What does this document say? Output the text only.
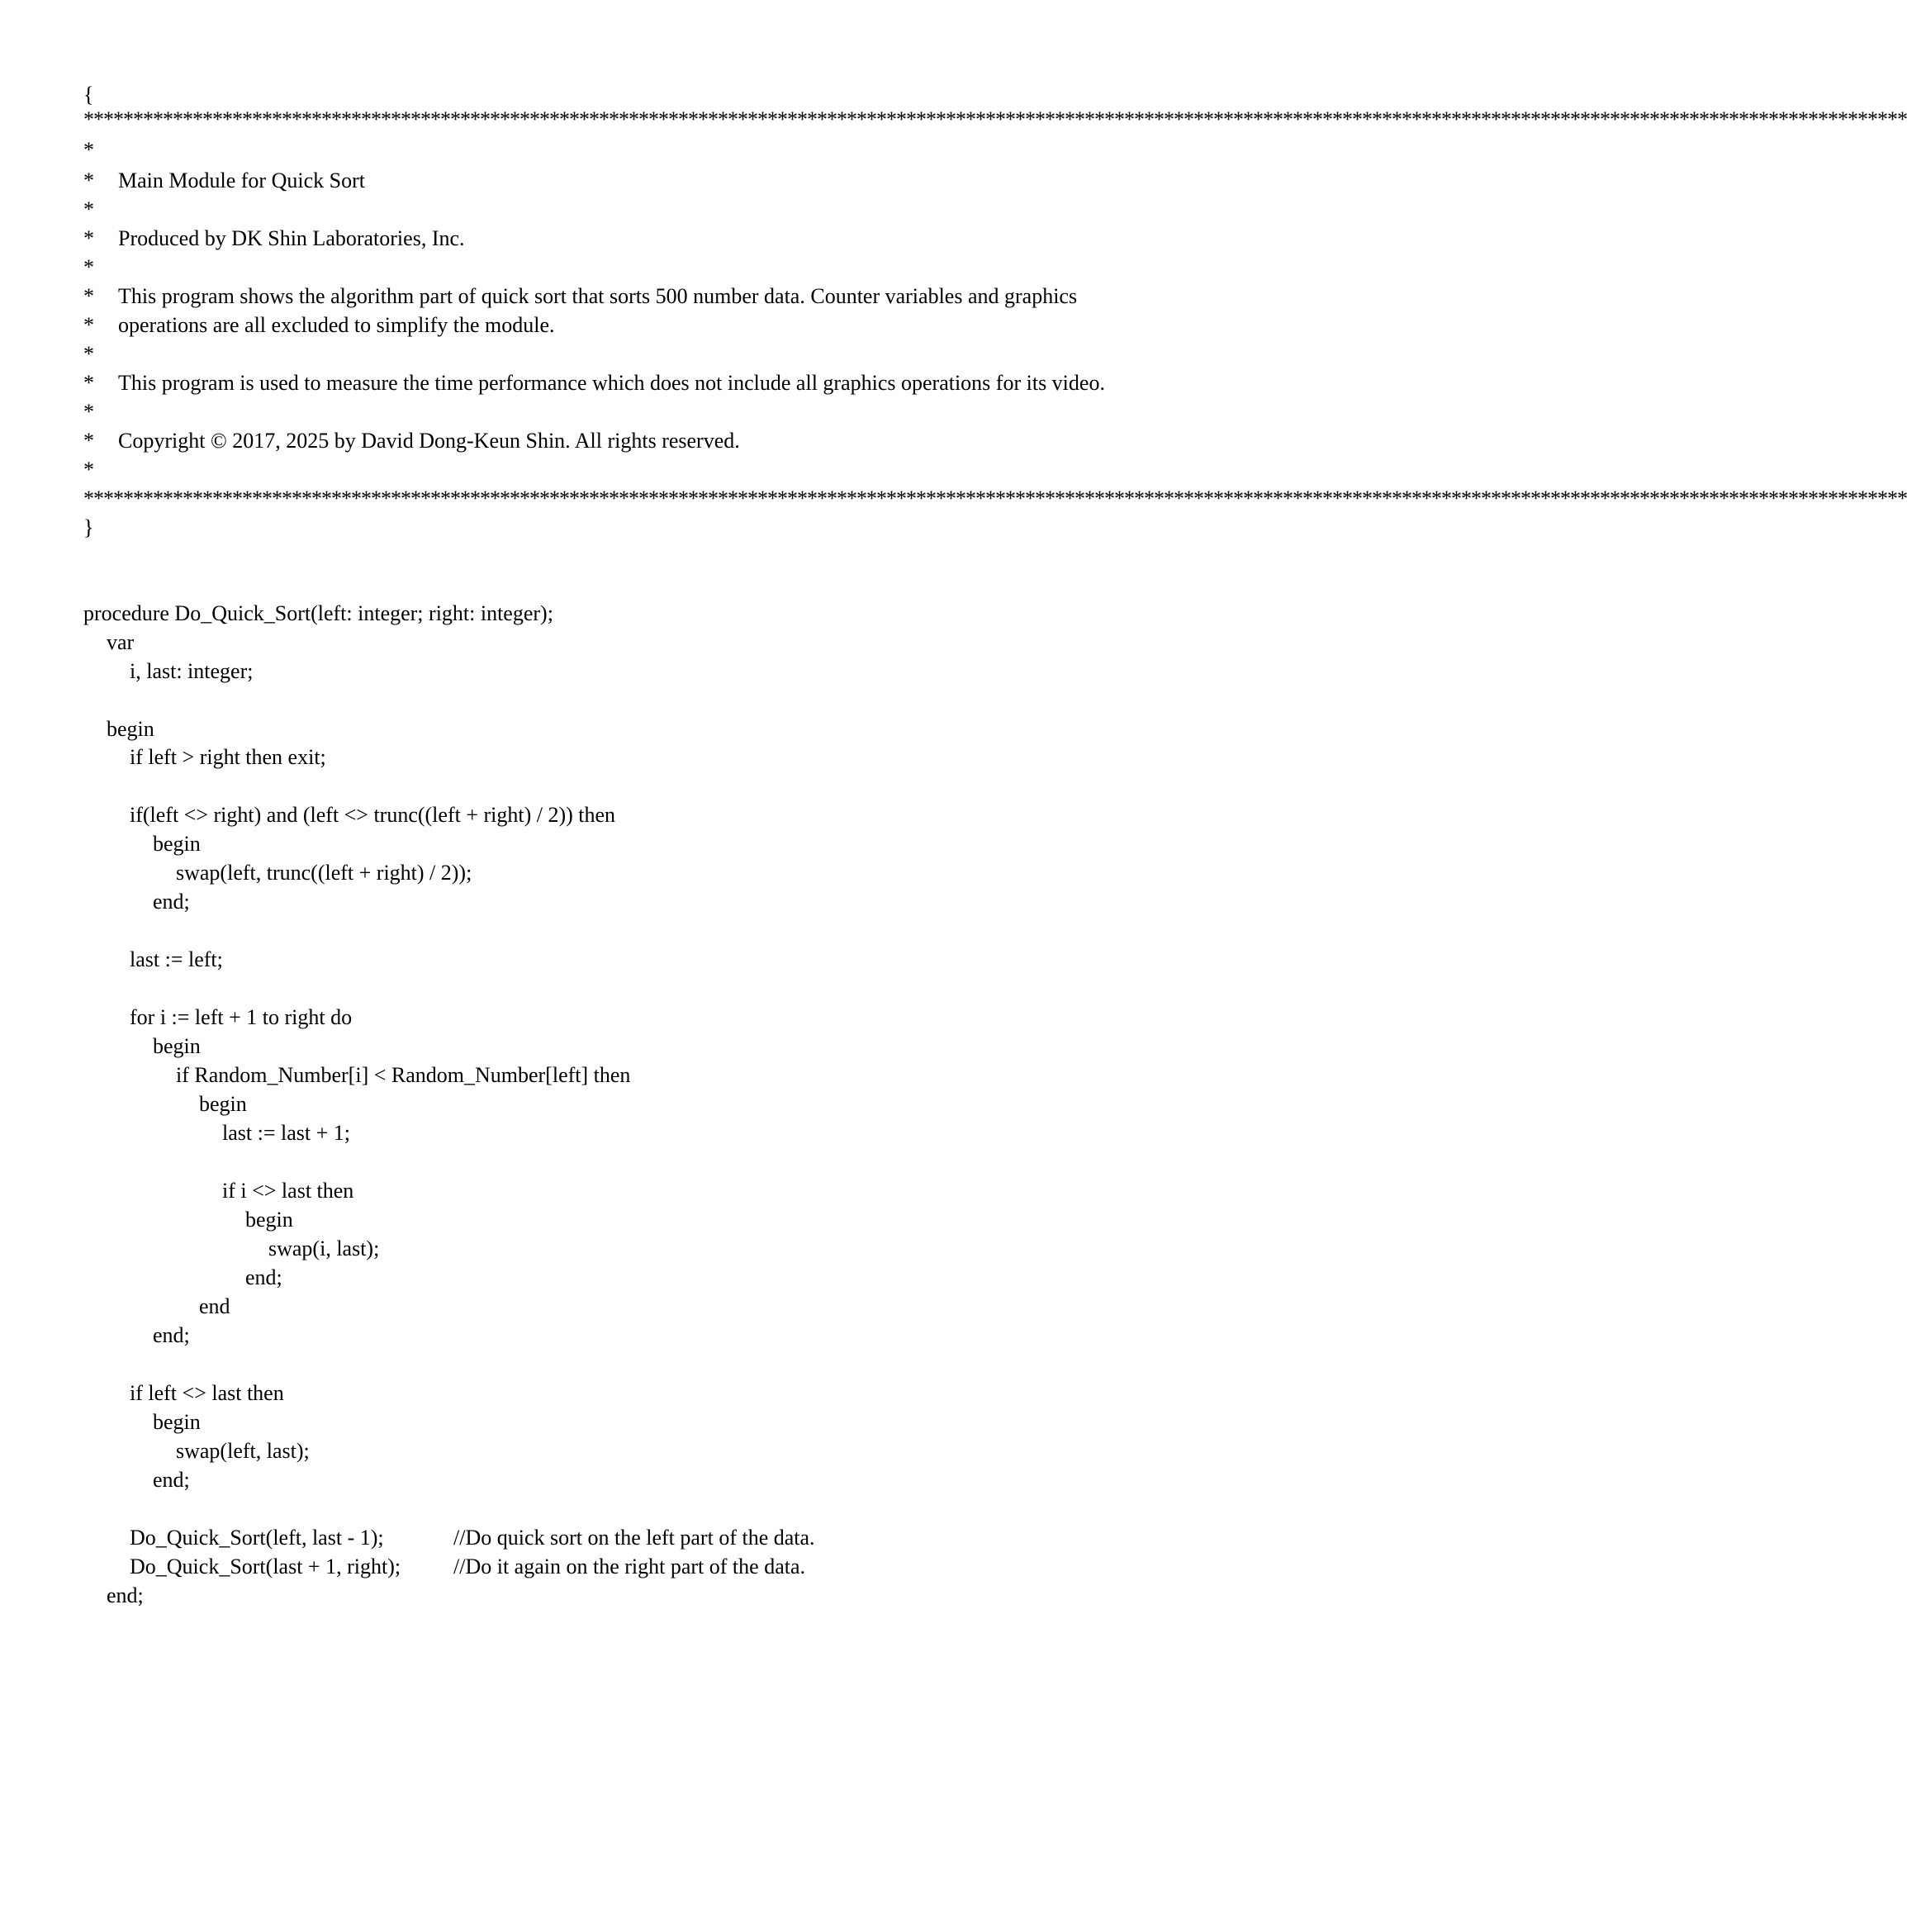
{
****************************************************************************************************************************************************************************************
*
* Main Module for Quick Sort
*
* Produced by DK Shin Laboratories, Inc.
*
* This program shows the algorithm part of quick sort that sorts 500 number data. Counter variables and graphics
* operations are all excluded to simplify the module.
*
* This program is used to measure the time performance which does not include all graphics operations for its video.
*
* Copyright © 2017, 2025 by David Dong-Keun Shin. All rights reserved.
*
****************************************************************************************************************************************************************************************
}
procedure Do_Quick_Sort(left: integer; right: integer);
var
i, last: integer;
begin
if left > right then exit;
if(left <> right) and (left <> trunc((left + right) / 2)) then
begin
swap(left, trunc((left + right) / 2));
end;
last := left;
for i := left + 1 to right do
begin
if Random_Number[i] < Random_Number[left] then
begin
last := last + 1;
if i <> last then
begin
swap(i, last);
end;
end
end;
if left <> last then
begin
swap(left, last);
end;
Do_Quick_Sort(left, last - 1);	//Do quick sort on the left part of the data.
Do_Quick_Sort(last + 1, right); //Do it again on the right part of the data.
end;
